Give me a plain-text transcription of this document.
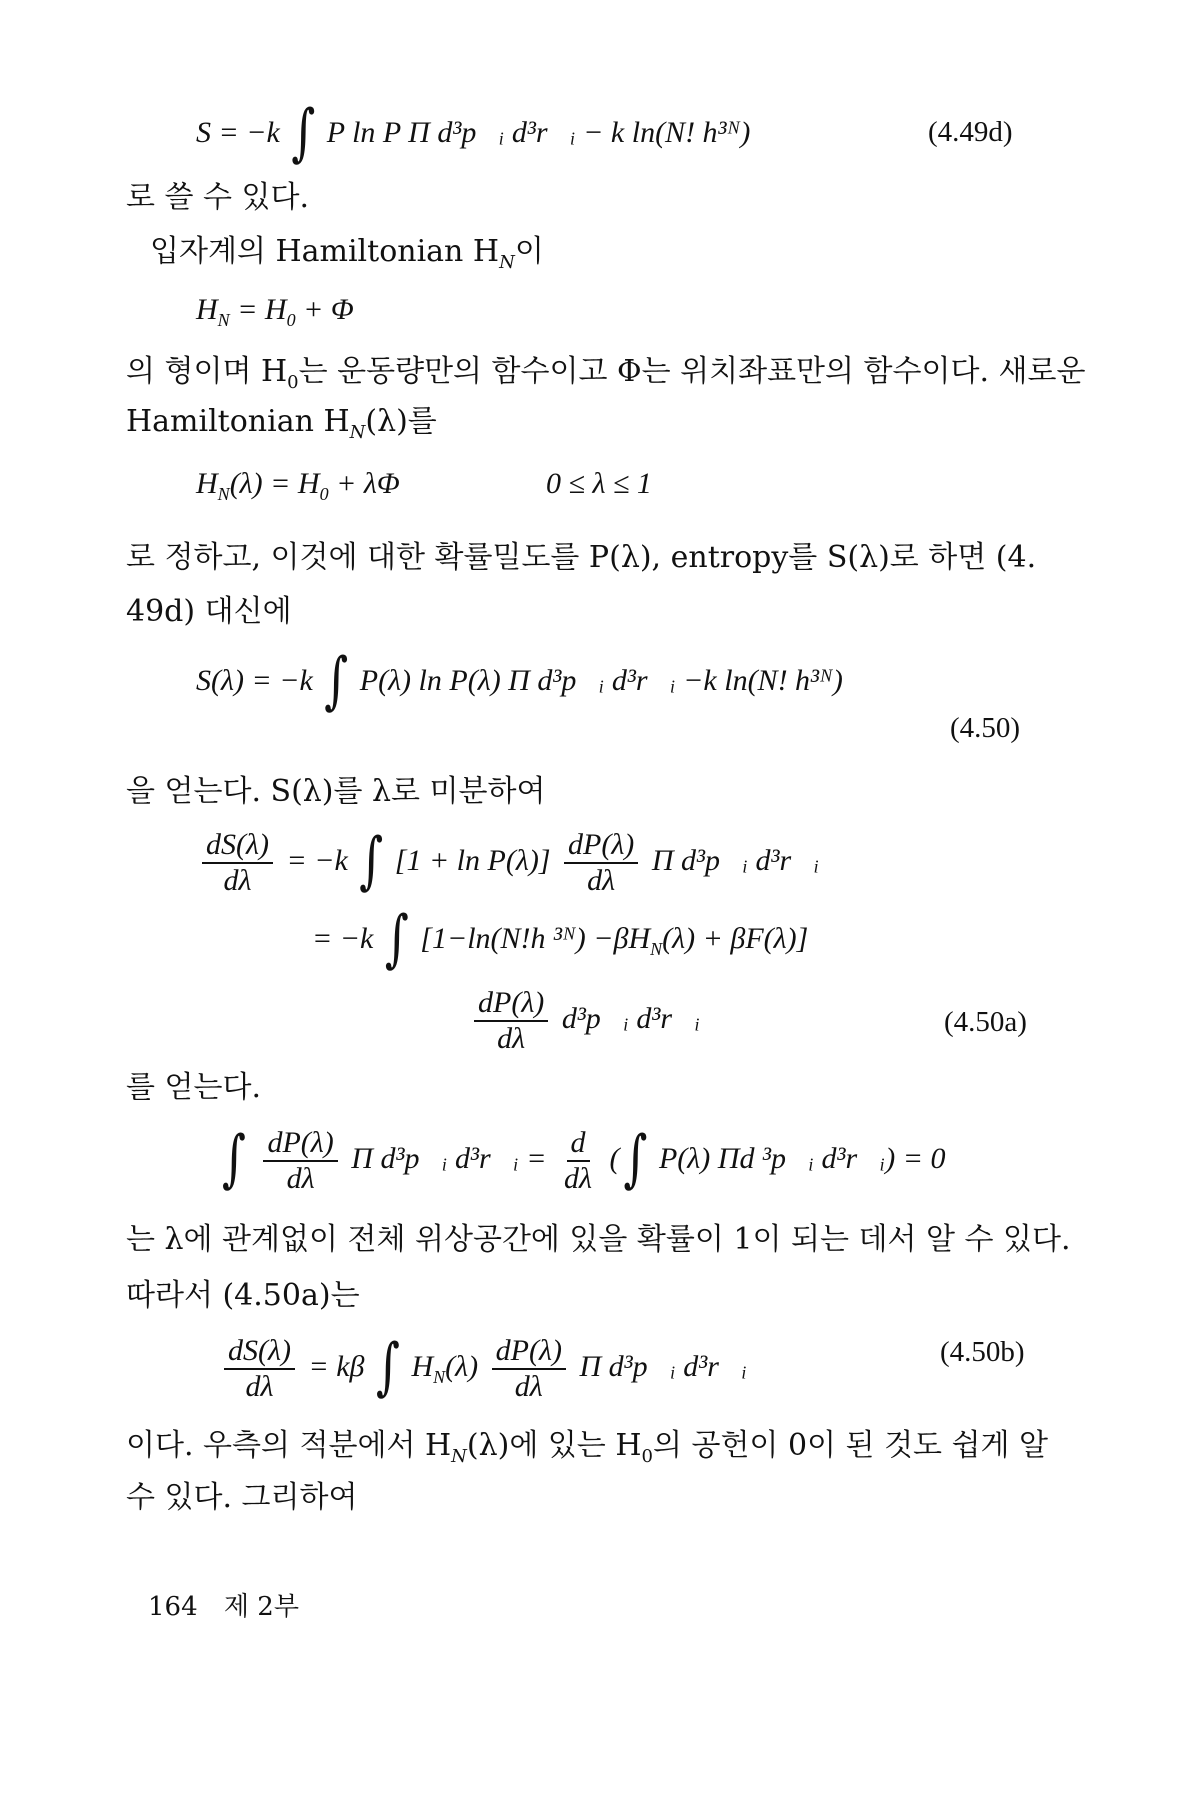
S = −k ∫ P ln P Π d³p⃗ᵢ d³r⃗ᵢ − k ln(N! h³ᴺ)	(4.49d)
로 쓸 수 있다.
입자계의 Hamiltonian $H_N$이
$H_N = H_0 + \Phi$
의 형이며 $H_0$는 운동량만의 함수이고 Φ는 위치좌표만의 함수이다. 새로운
Hamiltonian $H_N(\lambda)$를
$H_N(\lambda) = H_0 + \lambda\Phi$	0 ≤ λ ≤ 1
로 정하고, 이것에 대한 확률밀도를 P(λ), entropy를 S(λ)로 하면 (4.
49d) 대신에
S(λ) = −k ∫ P(λ) ln P(λ) Π d³p⃗ᵢ d³r⃗ᵢ −k ln(N! h³ᴺ)
(4.50)
을 얻는다. S(λ)를 λ로 미분하여
$\frac{dS(\lambda)}{d\lambda} = -k$ ∫ $[1 + \ln P(\lambda)] \frac{dP(\lambda)}{d\lambda}$ Π d³p⃗ᵢ d³r⃗ᵢ
= −k ∫ [1−ln(N!h ³ᴺ) $-\beta H_N(\lambda) + \beta F(\lambda)$]
$\frac{dP(\lambda)}{d\lambda}$ d³p⃗ᵢ d³r⃗ᵢ	(4.50a)
를 얻는다.
∫ $\frac{dP(\lambda)}{d\lambda}$ Π d³p⃗ᵢ d³r⃗ᵢ = $\frac{d}{d\lambda}$ (∫ P(λ) Πd ³p⃗ᵢ d³r⃗ᵢ) = 0
는 λ에 관계없이 전체 위상공간에 있을 확률이 1이 되는 데서 알 수 있다.
따라서 (4.50a)는
$\frac{dS(\lambda)}{d\lambda} = k\beta$ ∫ $H_N(\lambda) \frac{dP(\lambda)}{d\lambda}$ Π d³p⃗ᵢ d³r⃗ᵢ	(4.50b)
이다. 우측의 적분에서 $H_N(\lambda)$에 있는 $H_0$의 공헌이 0이 된 것도 쉽게 알
수 있다. 그리하여
164 제 2부
